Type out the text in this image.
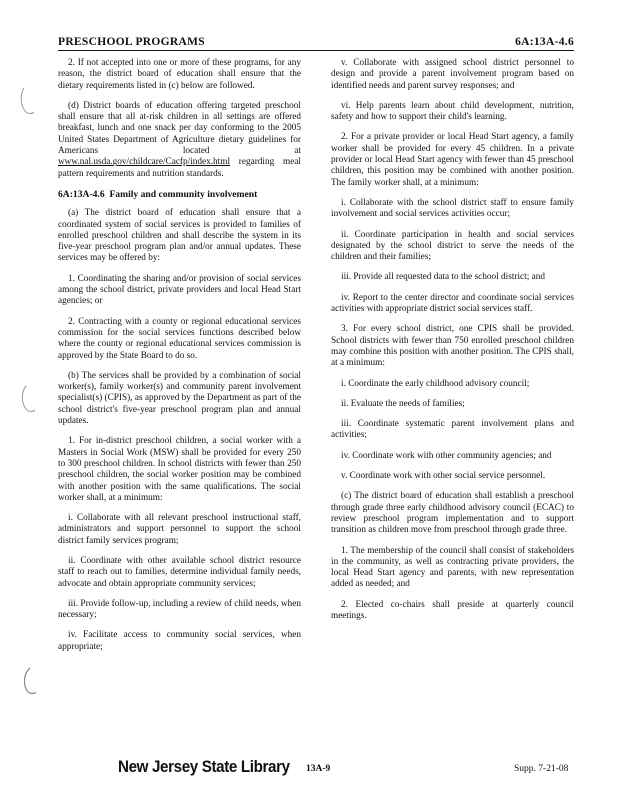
PRESCHOOL PROGRAMS	6A:13A-4.6

2. If not accepted into one or more of these programs, for any reason, the district board of education shall ensure that the dietary requirements listed in (c) below are followed.

(d) District boards of education offering targeted preschool shall ensure that all at-risk children in all settings are offered breakfast, lunch and one snack per day conforming to the 2005 United States Department of Agriculture dietary guidelines for Americans located at www.nal.usda.gov/childcare/Cacfp/index.html regarding meal pattern requirements and nutrition standards.

6A:13A-4.6 Family and community involvement

(a) The district board of education shall ensure that a coordinated system of social services is provided to families of enrolled preschool children and shall describe the system in its five-year preschool program plan and/or annual updates. These services may be offered by:

1. Coordinating the sharing and/or provision of social services among the school district, private providers and local Head Start agencies; or

2. Contracting with a county or regional educational services commission for the social services functions described below where the county or regional educational services commission is approved by the State Board to do so.

(b) The services shall be provided by a combination of social worker(s), family worker(s) and community parent involvement specialist(s) (CPIS), as approved by the Department as part of the school district's five-year preschool program plan and annual updates.

1. For in-district preschool children, a social worker with a Masters in Social Work (MSW) shall be provided for every 250 to 300 preschool children. In school districts with fewer than 250 preschool children, the social worker position may be combined with another position with the same qualifications. The social worker shall, at a minimum:

i. Collaborate with all relevant preschool instructional staff, administrators and support personnel to support the school district family services program;

ii. Coordinate with other available school district resource staff to reach out to families, determine individual family needs, advocate and obtain appropriate community services;

iii. Provide follow-up, including a review of child needs, when necessary;

iv. Facilitate access to community social services, when appropriate;

v. Collaborate with assigned school district personnel to design and provide a parent involvement program based on identified needs and parent survey responses; and

vi. Help parents learn about child development, nutrition, safety and how to support their child's learning.

2. For a private provider or local Head Start agency, a family worker shall be provided for every 45 children. In a private provider or local Head Start agency with fewer than 45 preschool children, this position may be combined with another position. The family worker shall, at a minimum:

i. Collaborate with the school district staff to ensure family involvement and social services activities occur;

ii. Coordinate participation in health and social services designated by the school district to serve the needs of the children and their families;

iii. Provide all requested data to the school district; and

iv. Report to the center director and coordinate social services activities with appropriate district social services staff.

3. For every school district, one CPIS shall be provided. School districts with fewer than 750 enrolled preschool children may combine this position with another position. The CPIS shall, at a minimum:

i. Coordinate the early childhood advisory council;

ii. Evaluate the needs of families;

iii. Coordinate systematic parent involvement plans and activities;

iv. Coordinate work with other community agencies; and

v. Coordinate work with other social service personnel.

(c) The district board of education shall establish a preschool through grade three early childhood advisory council (ECAC) to review preschool program implementation and to support transition as children move from preschool through grade three.

1. The membership of the council shall consist of stakeholders in the community, as well as contracting private providers, the local Head Start agency and parents, with new representation added as needed; and

2. Elected co-chairs shall preside at quarterly council meetings.

New Jersey State Library 13A-9	Supp. 7-21-08
